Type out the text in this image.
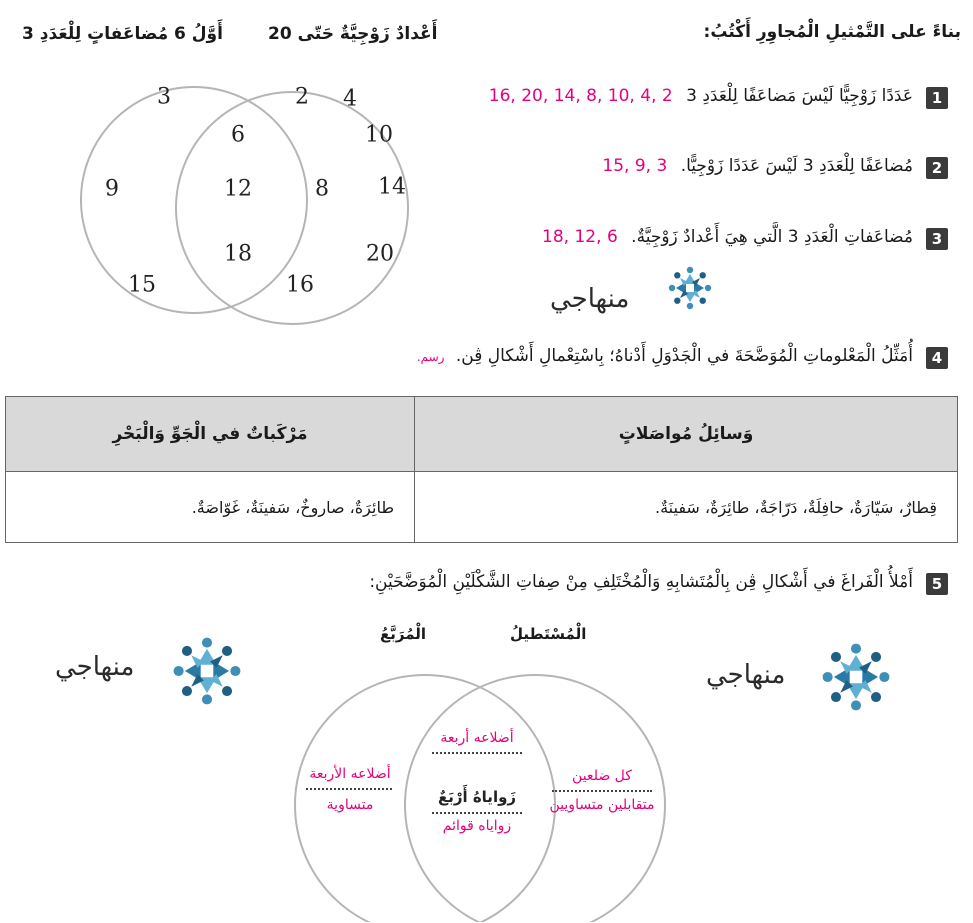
بناءً على التَّمْثيلِ الْمُجاوِرِ أَكْتُبُ:
أَوَّلُ 6 مُضاعَفاتٍ لِلْعَدَدِ 3	أَعْدادٌ زَوْجِيَّةٌ حَتّى 20
3
9
15
6
12
18
2 4
10
8 14
20
16
1
عَدَدًا زَوْجِيًّا لَيْسَ مَضاعَفًا لِلْعَدَدِ 3 2 ,4 ,10 ,8 ,14 ,20 ,16
2
مُضاعَفًا لِلْعَدَدِ 3 لَيْسَ عَدَدًا زَوْجِيًّا. 3 ,9 ,15
3
مُضاعَفاتِ الْعَدَدِ 3 الَّتي هِيَ أَعْدادٌ زَوْجِيَّةٌ. 6 ,12 ,18
منهاجي
4
أُمَثِّلُ الْمَعْلوماتِ الْمُوَضَّحَةَ في الْجَدْوَلِ أَدْناهُ؛ بِاسْتِعْمالِ أَشْكالِ ڤِن. رسم.
وَسائِلُ مُواصَلاتٍ	مَرْكَباتٌ في الْجَوِّ وَالْبَحْرِ
قِطارٌ، سَيّارَةٌ، حافِلَةٌ، دَرّاجَةٌ، طائِرَةٌ، سَفينَةٌ.	طائِرَةٌ، صاروخٌ، سَفينَةٌ، غَوّاصَةٌ.
5
أَمْلأُ الْفَراغَ في أَشْكالِ ڤِن بِالْمُتَشابِهِ وَالْمُخْتَلِفِ مِنْ صِفاتِ الشَّكْلَيْنِ الْمُوَضَّحَيْنِ:
منهاجي	منهاجي
الْمُرَبَّعُ	الْمُسْتَطيلُ
أضلاعه الأربعة
متساوية
أضلاعه أربعة
زَواياهُ أَرْبَعٌ
زواياه قوائم
كل ضلعين
متقابلين متساويين
